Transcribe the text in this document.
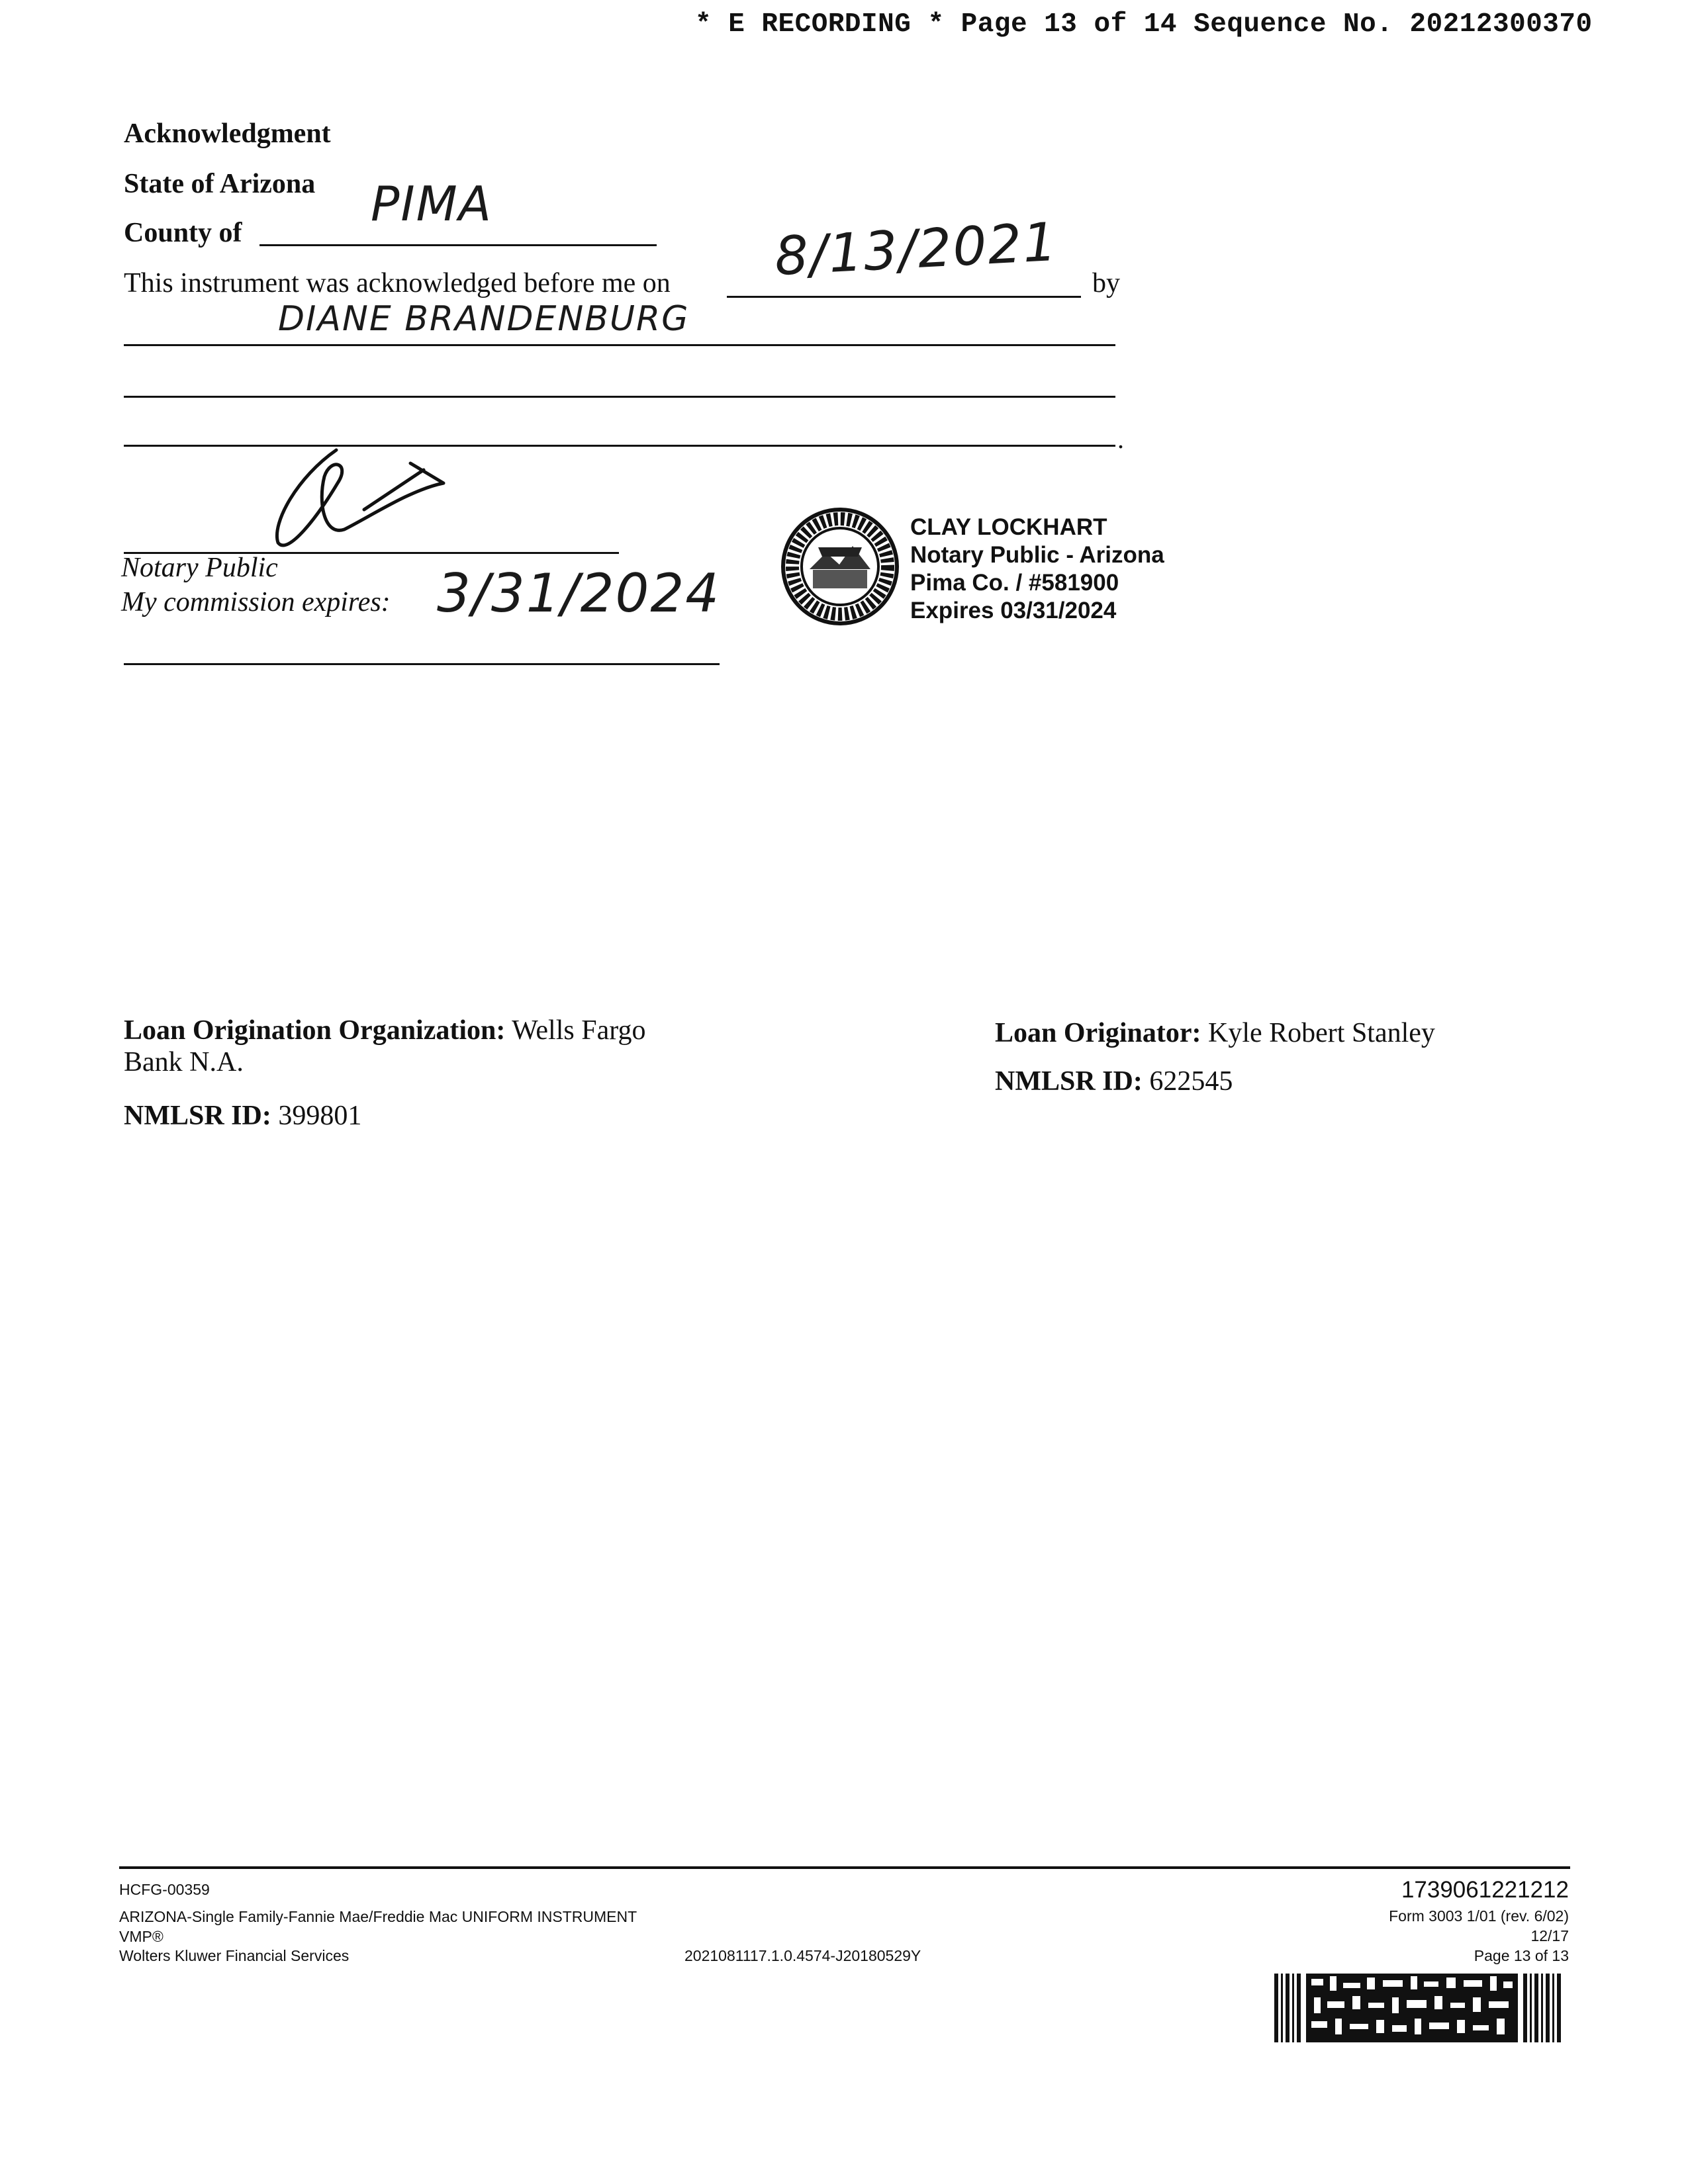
* E RECORDING * Page 13 of 14 Sequence No. 20212300370
Acknowledgment
State of Arizona
County of
PIMA
This instrument was acknowledged before me on 8/13/2021 by
DIANE BRANDENBURG
.
Notary Public
My commission expires: 3/31/2024
CLAY LOCKHART
Notary Public - Arizona
Pima Co. / #581900
Expires 03/31/2024
Loan Origination Organization: Wells Fargo
Bank N.A.
NMLSR ID: 399801
Loan Originator: Kyle Robert Stanley
NMLSR ID: 622545
HCFG-00359
ARIZONA-Single Family-Fannie Mae/Freddie Mac UNIFORM INSTRUMENT
VMP®
Wolters Kluwer Financial Services	2021081117.1.0.4574-J20180529Y
1739061221212
Form 3003 1/01 (rev. 6/02)
12/17
Page 13 of 13
